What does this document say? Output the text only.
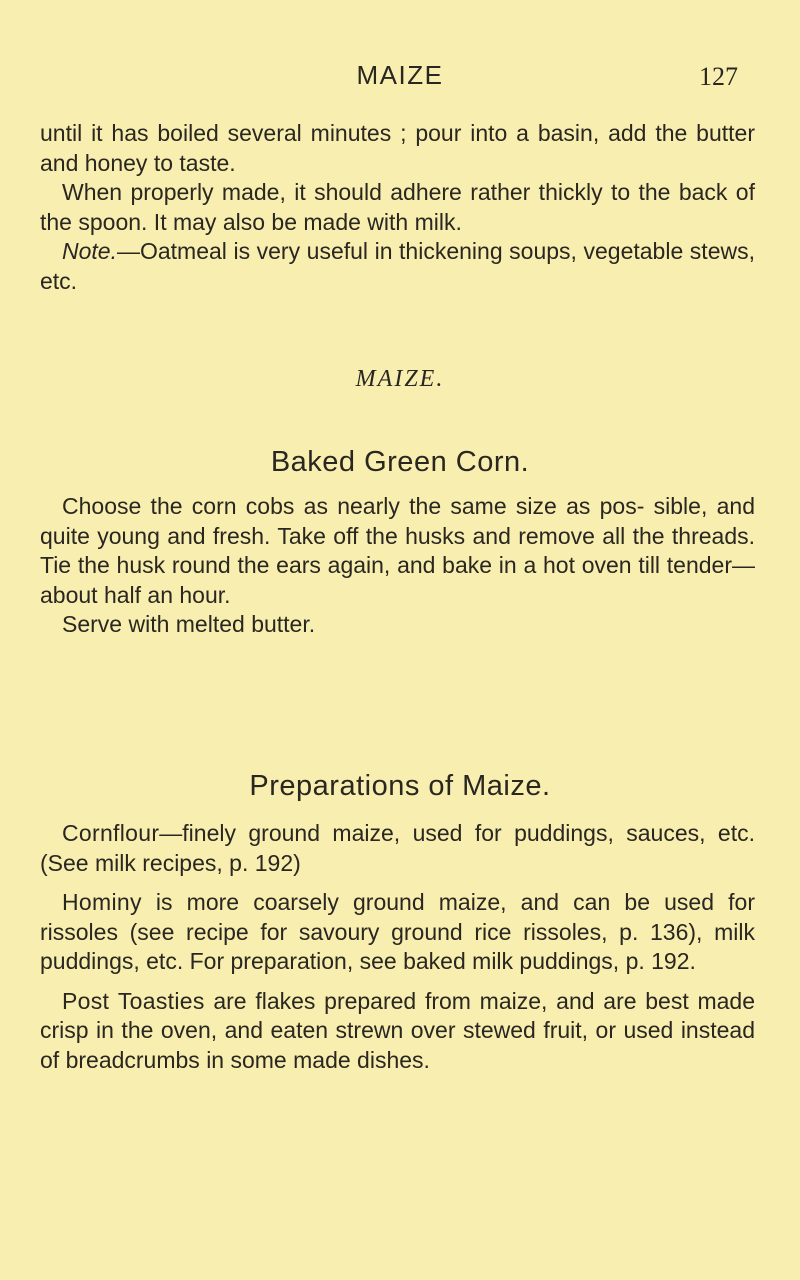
MAIZE	127

until it has boiled several minutes ; pour into a basin, add the butter and honey to taste.

When properly made, it should adhere rather thickly to the back of the spoon. It may also be made with milk.

Note.—Oatmeal is very useful in thickening soups, vegetable stews, etc.

MAIZE.
Baked Green Corn.

Choose the corn cobs as nearly the same size as pos- sible, and quite young and fresh. Take off the husks and remove all the threads. Tie the husk round the ears again, and bake in a hot oven till tender—about half an hour.

Serve with melted butter.

Preparations of Maize.

Cornflour—finely ground maize, used for puddings, sauces, etc. (See milk recipes, p. 192)

Hominy is more coarsely ground maize, and can be used for rissoles (see recipe for savoury ground rice rissoles, p. 136), milk puddings, etc. For preparation, see baked milk puddings, p. 192.

Post Toasties are flakes prepared from maize, and are best made crisp in the oven, and eaten strewn over stewed fruit, or used instead of breadcrumbs in some made dishes.
